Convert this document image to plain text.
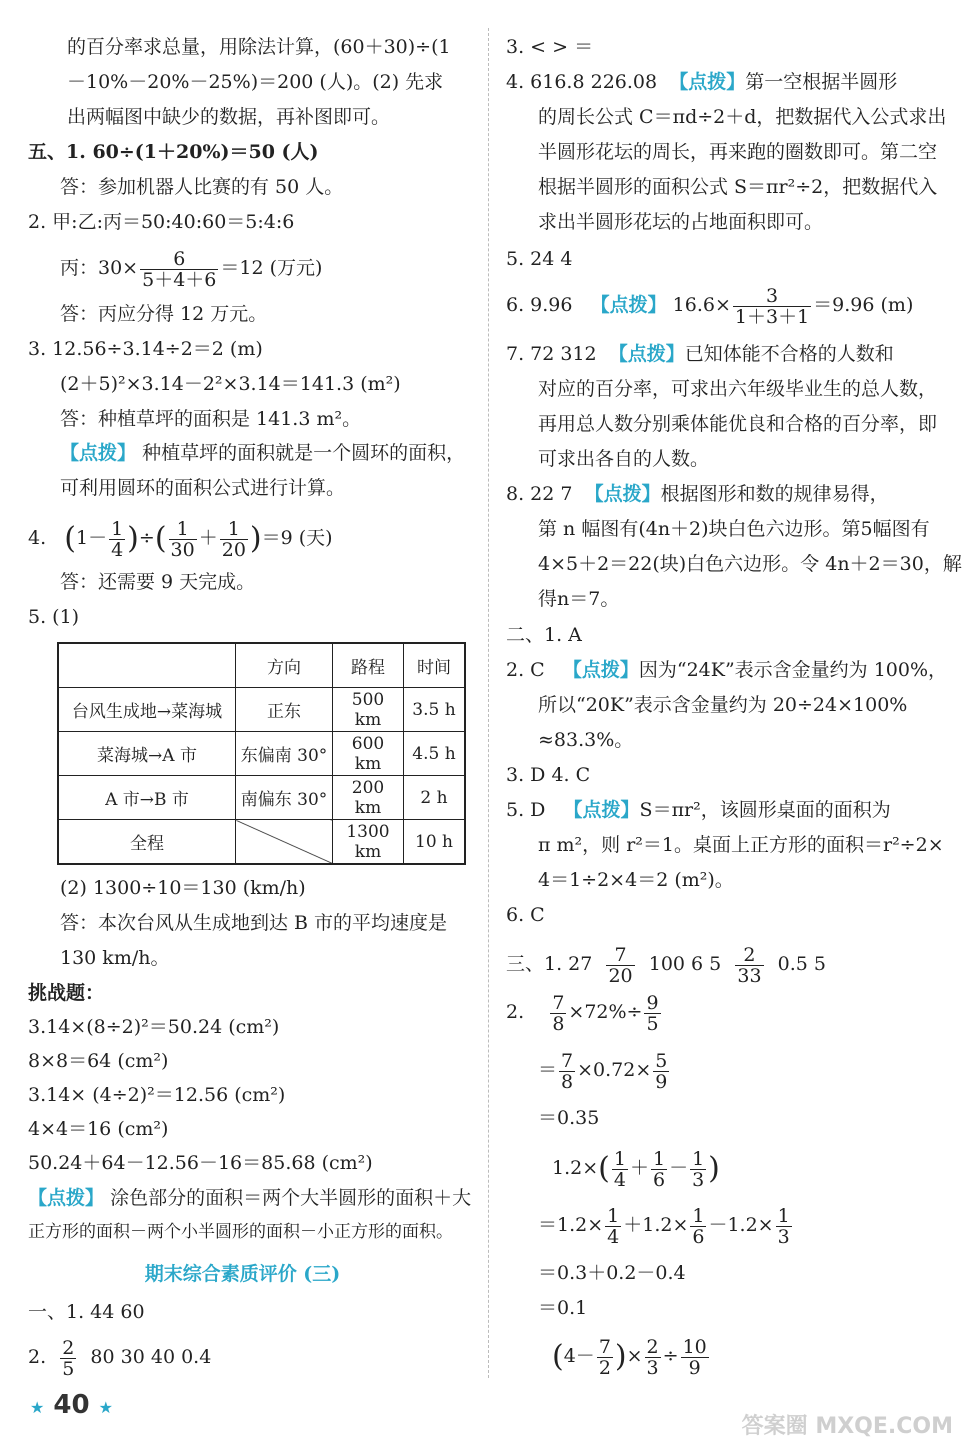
的百分率求总量，用除法计算，(60＋30)÷(1
－10%－20%－25%)＝200 (人)。(2) 先求
出两幅图中缺少的数据，再补图即可。
五、1. 60÷(1＋20%)＝50 (人)
答：参加机器人比赛的有 50 人。
2. 甲:乙:丙＝50:40:60＝5:4:6
丙：$30\times \frac{6}{5+4+6} =12$ (万元)
答：丙应分得 12 万元。
3. 12.56÷3.14÷2＝2 (m)
(2＋5)²×3.14－2²×3.14＝141.3 (m²)
答：种植草坪的面积是 141.3 m²。
【点拨】 种植草坪的面积就是一个圆环的面积，
可利用圆环的面积公式进行计算。
4. ($1- \frac{1}{4}$ )÷( $\frac{1}{30} + \frac{1}{20} )=9$ (天)
答：还需要 9 天完成。
5. (1)
	方向	路程	时间
台风生成地→菜海城	正东	500 km	3.5 h
菜海城→A 市	东偏南 30°	600 km	4.5 h
A 市→B 市	南偏东 30°	200 km	2 h
全程		1300 km	10 h
(2) 1300÷10＝130 (km/h)
答：本次台风从生成地到达 B 市的平均速度是
130 km/h。
挑战题：
3.14×(8÷2)²＝50.24 (cm²)
8×8＝64 (cm²)
3.14× (4÷2)²＝12.56 (cm²)
4×4＝16 (cm²)
50.24＋64－12.56－16＝85.68 (cm²)
【点拨】 涂色部分的面积＝两个大半圆形的面积＋大
正方形的面积－两个小半圆形的面积－小正方形的面积。
期末综合素质评价 (三)
一、1. 44 60
2. $\frac{2}{5} 80$ 30 40 0.4
★ 40 ★
3. < > ＝
4. 616.8 226.08 【点拨】第一空根据半圆形
的周长公式 C＝πd÷2＋d，把数据代入公式求出
半圆形花坛的周长，再来跑的圈数即可。第二空
根据半圆形的面积公式 S＝πr²÷2，把数据代入
求出半圆形花坛的占地面积即可。
5. 24 4
6. 9.96 【点拨】 $16.6\times \frac{3}{1+3+1} =9.96$ (m)
7. 72 312 【点拨】已知体能不合格的人数和
对应的百分率，可求出六年级毕业生的总人数，
再用总人数分别乘体能优良和合格的百分率，即
可求出各自的人数。
8. 22 7 【点拨】根据图形和数的规律易得，
第 n 幅图有(4n＋2)块白色六边形。第5幅图有
4×5＋2＝22(块)白色六边形。令 4n＋2＝30，解
得n＝7。
二、1. A
2. C 【点拨】因为“24K”表示含金量约为 100%，
所以“20K”表示含金量约为 20÷24×100%
≈83.3%。
3. D 4. C
5. D 【点拨】S＝πr²，该圆形桌面的面积为
π m²，则 r²＝1。桌面上正方形的面积＝r²÷2×
4＝1÷2×4＝2 (m²)。
6. C
三、1. $27 \frac{7}{20} 100$ 6 $5 \frac{2}{33} 0.5$ 5
2. $\frac{7}{8} \times 72\%\div \frac{9}{5}$
＝ $\frac{7}{8} \times 0.72\times \frac{5}{9}$
＝0.35
$1.2\times( \frac{1}{4} + \frac{1}{6} - \frac{1}{3}$ )
$=1.2\times \frac{1}{4} +1.2\times \frac{1}{6} -1.2\times \frac{1}{3}$
＝0.3＋0.2－0.4
＝0.1
($4- \frac{7}{2}$ )× $\frac{2}{3} \div \frac{10}{9}$
答案圈 MXQE.COM
